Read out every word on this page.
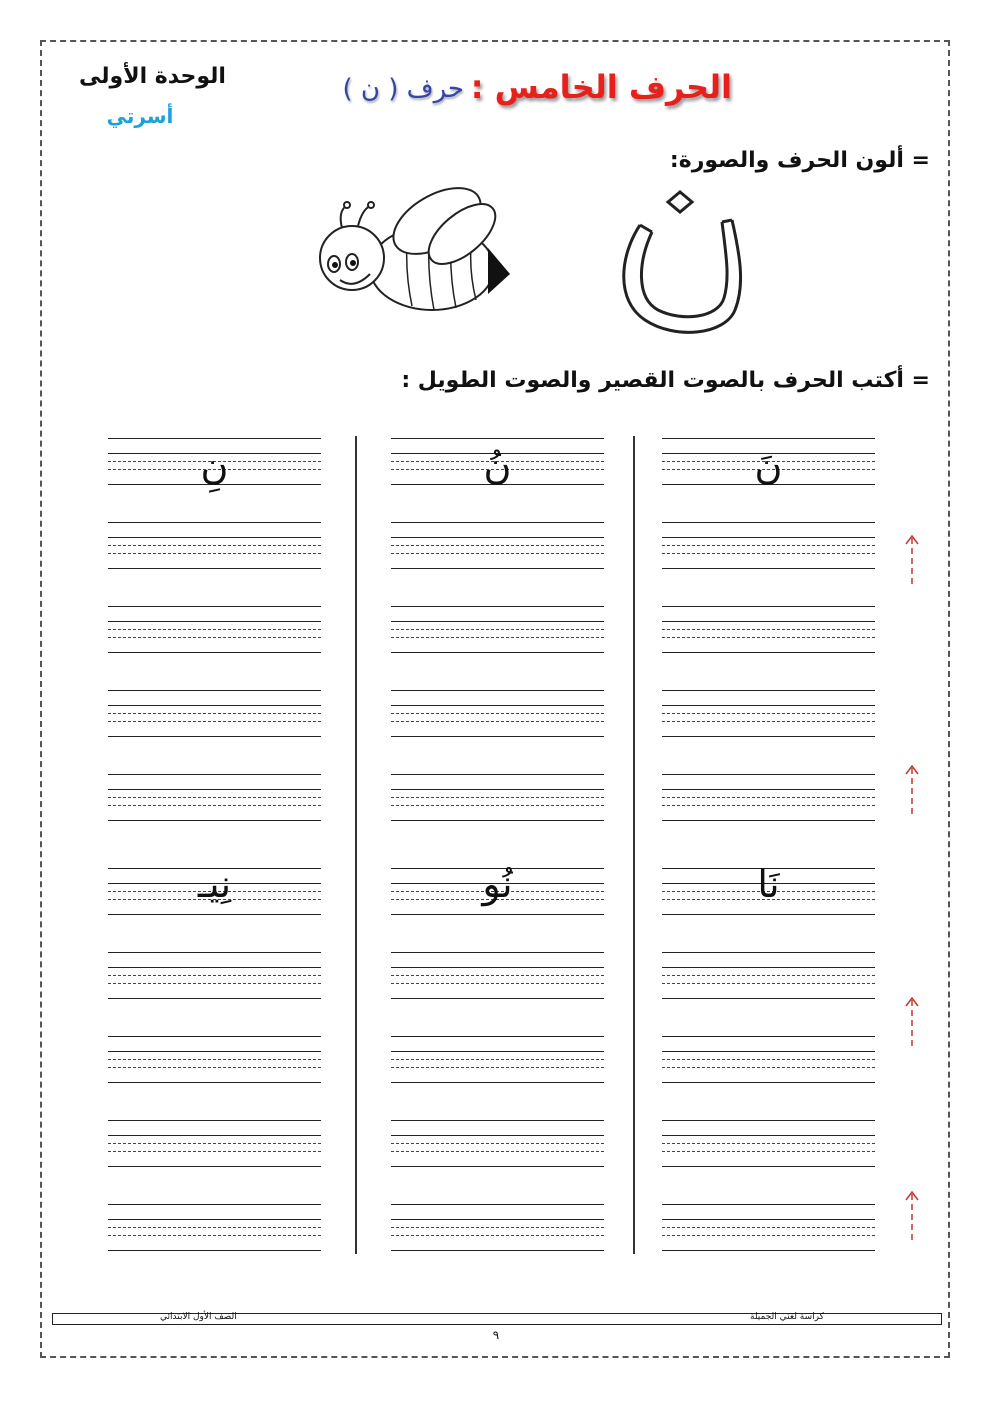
الوحدة الأولى
أسرتي
الحرف الخامس :
حرف ( ن )
= ألون الحرف والصورة:
= أكتب الحرف بالصوت القصير والصوت الطويل :
نَ
نُ
نِ
نَا
نُو
نِيـ
الصف الأول الابتدائي	كراسة لغتي الجميلة
٩
